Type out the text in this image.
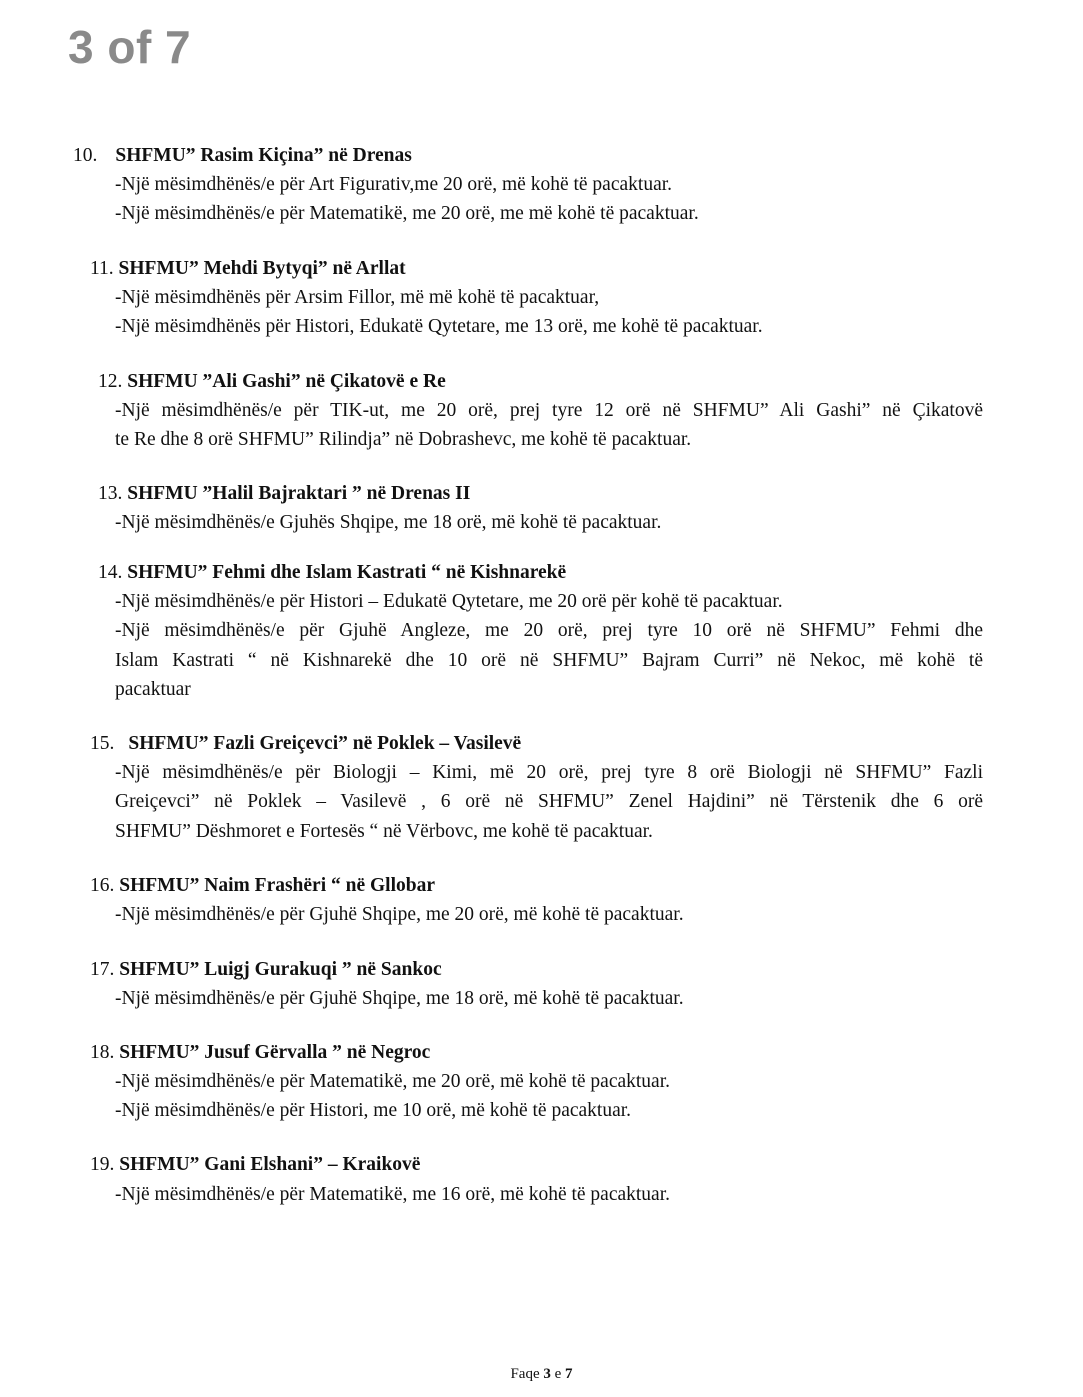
3 of 7
10. SHFMU” Rasim Kiçina” në Drenas
-Një mësimdhënës/e për Art Figurativ,me 20 orë, më kohë të pacaktuar.
-Një mësimdhënës/e për Matematikë, me 20 orë, me më kohë të pacaktuar.
11. SHFMU” Mehdi Bytyqi” në Arllat
-Një mësimdhënës për Arsim Fillor, më më kohë të pacaktuar,
-Një mësimdhënës për Histori, Edukatë Qytetare, me 13 orë, me kohë të pacaktuar.
12. SHFMU ”Ali Gashi” në Çikatovë e Re
-Një mësimdhënës/e për TIK-ut, me 20 orë, prej tyre 12 orë në SHFMU” Ali Gashi” në Çikatovë
te Re dhe 8 orë SHFMU” Rilindja” në Dobrashevc, me kohë të pacaktuar.
13. SHFMU ”Halil Bajraktari ” në Drenas II
-Një mësimdhënës/e Gjuhës Shqipe, me 18 orë, më kohë të pacaktuar.
14. SHFMU” Fehmi dhe Islam Kastrati “ në Kishnarekë
-Një mësimdhënës/e për Histori – Edukatë Qytetare, me 20 orë për kohë të pacaktuar.
-Një mësimdhënës/e për Gjuhë Angleze, me 20 orë, prej tyre 10 orë në SHFMU” Fehmi dhe
Islam Kastrati “ në Kishnarekë dhe 10 orë në SHFMU” Bajram Curri” në Nekoc, më kohë të
pacaktuar
15. SHFMU” Fazli Greiçevci” në Poklek – Vasilevë
-Një mësimdhënës/e për Biologji – Kimi, më 20 orë, prej tyre 8 orë Biologji në SHFMU” Fazli
Greiçevci” në Poklek – Vasilevë , 6 orë në SHFMU” Zenel Hajdini” në Tërstenik dhe 6 orë
SHFMU” Dëshmoret e Fortesës “ në Vërbovc, me kohë të pacaktuar.
16. SHFMU” Naim Frashëri “ në Gllobar
-Një mësimdhënës/e për Gjuhë Shqipe, me 20 orë, më kohë të pacaktuar.
17. SHFMU” Luigj Gurakuqi ” në Sankoc
-Një mësimdhënës/e për Gjuhë Shqipe, me 18 orë, më kohë të pacaktuar.
18. SHFMU” Jusuf Gërvalla ” në Negroc
-Një mësimdhënës/e për Matematikë, me 20 orë, më kohë të pacaktuar.
-Një mësimdhënës/e për Histori, me 10 orë, më kohë të pacaktuar.
19. SHFMU” Gani Elshani” – Kraikovë
-Një mësimdhënës/e për Matematikë, me 16 orë, më kohë të pacaktuar.
Faqe 3 e 7
